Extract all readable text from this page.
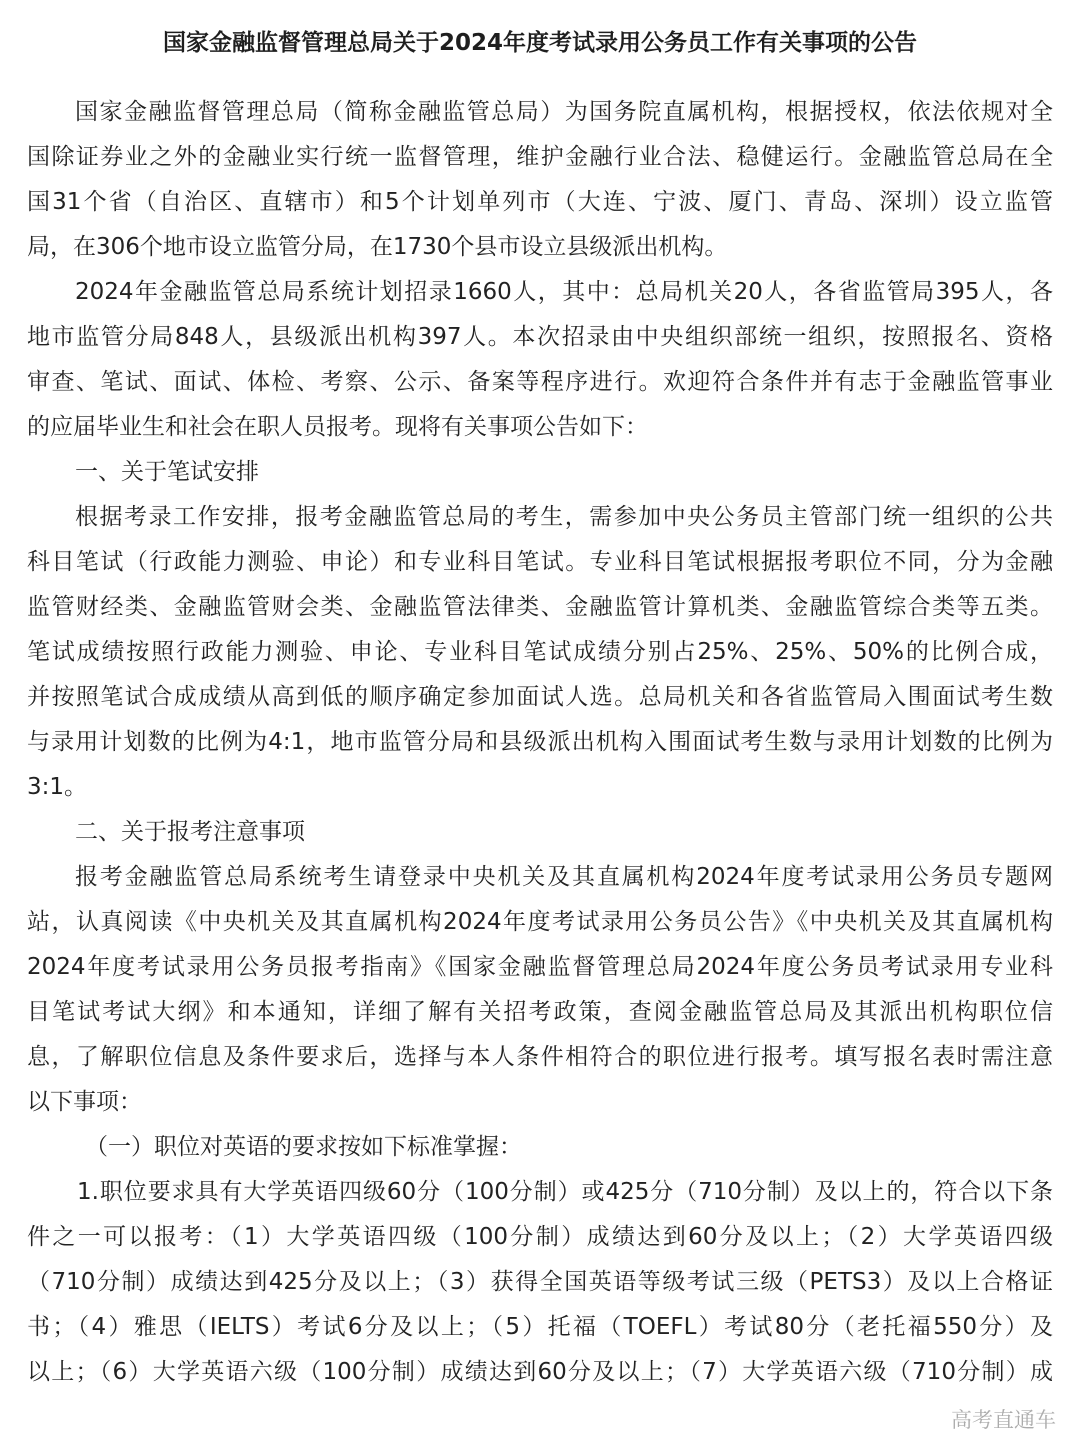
国家金融监督管理总局关于2024年度考试录用公务员工作有关事项的公告
国家金融监督管理总局（简称金融监管总局）为国务院直属机构，根据授权，依法依规对全
国除证券业之外的金融业实行统一监督管理，维护金融行业合法、稳健运行。金融监管总局在全
国31个省（自治区、直辖市）和5个计划单列市（大连、宁波、厦门、青岛、深圳）设立监管
局，在306个地市设立监管分局，在1730个县市设立县级派出机构。
2024年金融监管总局系统计划招录1660人，其中：总局机关20人，各省监管局395人，各
地市监管分局848人，县级派出机构397人。本次招录由中央组织部统一组织，按照报名、资格
审查、笔试、面试、体检、考察、公示、备案等程序进行。欢迎符合条件并有志于金融监管事业
的应届毕业生和社会在职人员报考。现将有关事项公告如下：
一、关于笔试安排
根据考录工作安排，报考金融监管总局的考生，需参加中央公务员主管部门统一组织的公共
科目笔试（行政能力测验、申论）和专业科目笔试。专业科目笔试根据报考职位不同，分为金融
监管财经类、金融监管财会类、金融监管法律类、金融监管计算机类、金融监管综合类等五类。
笔试成绩按照行政能力测验、申论、专业科目笔试成绩分别占25%、25%、50%的比例合成，
并按照笔试合成成绩从高到低的顺序确定参加面试人选。总局机关和各省监管局入围面试考生数
与录用计划数的比例为4:1，地市监管分局和县级派出机构入围面试考生数与录用计划数的比例为
3:1。
二、关于报考注意事项
报考金融监管总局系统考生请登录中央机关及其直属机构2024年度考试录用公务员专题网
站，认真阅读《中央机关及其直属机构2024年度考试录用公务员公告》《中央机关及其直属机构
2024年度考试录用公务员报考指南》《国家金融监督管理总局2024年度公务员考试录用专业科
目笔试考试大纲》和本通知，详细了解有关招考政策，查阅金融监管总局及其派出机构职位信
息，了解职位信息及条件要求后，选择与本人条件相符合的职位进行报考。填写报名表时需注意
以下事项：
（一）职位对英语的要求按如下标准掌握：
1.职位要求具有大学英语四级60分（100分制）或425分（710分制）及以上的，符合以下条
件之一可以报考：（1）大学英语四级（100分制）成绩达到60分及以上；（2）大学英语四级
（710分制）成绩达到425分及以上；（3）获得全国英语等级考试三级（PETS3）及以上合格证
书；（4）雅思（IELTS）考试6分及以上；（5）托福（TOEFL）考试80分（老托福550分）及
以上；（6）大学英语六级（100分制）成绩达到60分及以上；（7）大学英语六级（710分制）成
高考直通车
